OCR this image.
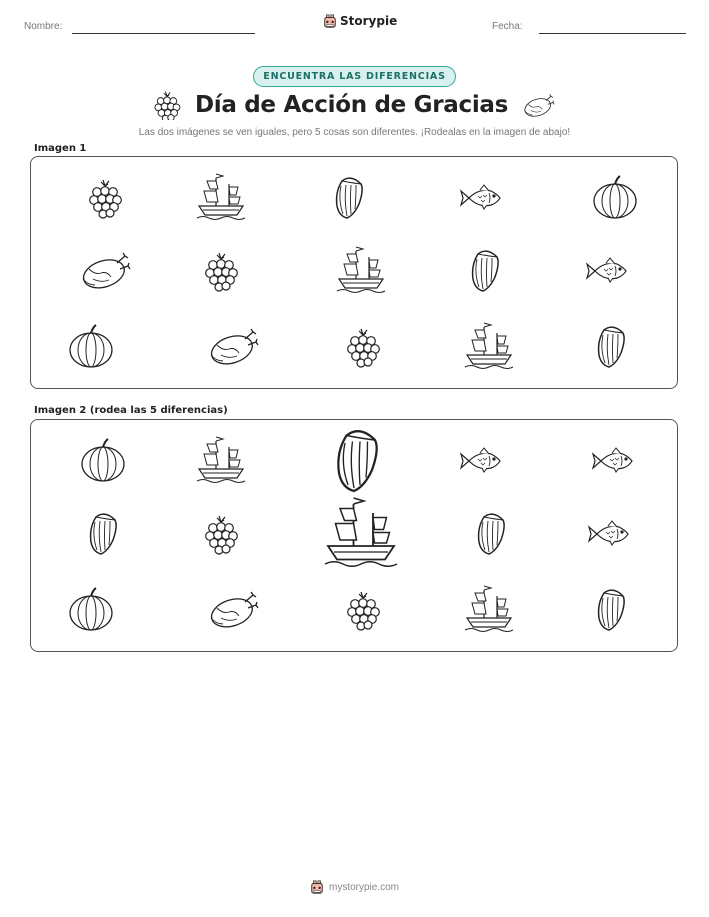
Nombre:	Storypie	Fecha:
ENCUENTRA LAS DIFERENCIAS
Día de Acción de Gracias
Las dos imágenes se ven iguales, pero 5 cosas son diferentes. ¡Rodealas en la imagen de abajo!
Imagen 1
Imagen 2 (rodea las 5 diferencias)
mystorypie.com
